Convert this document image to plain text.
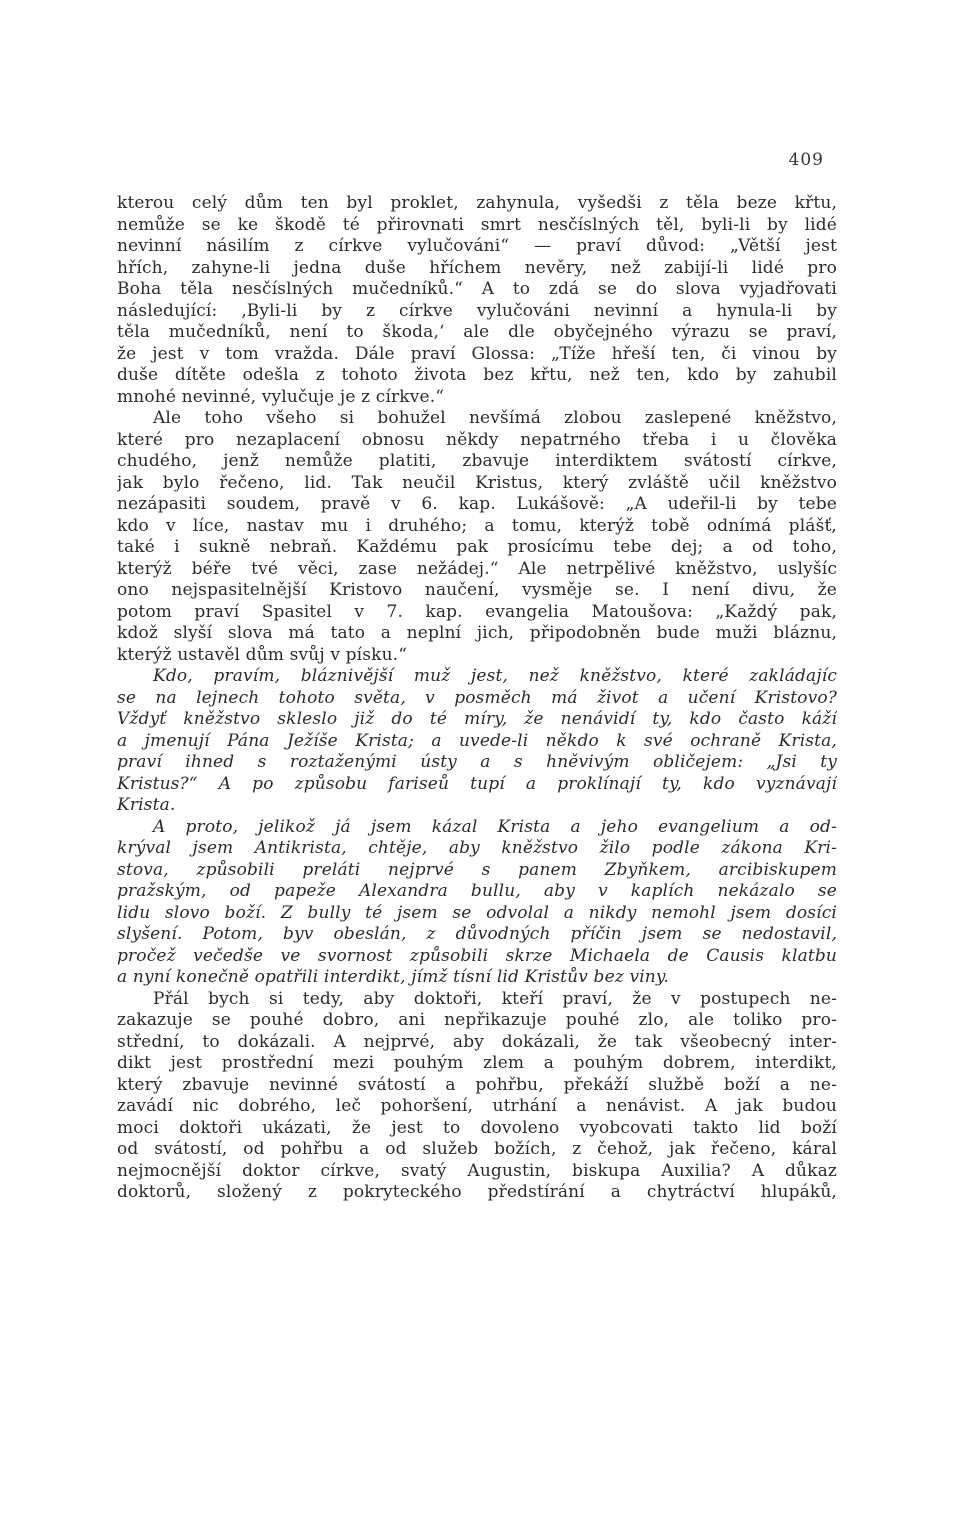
409
kterou celý dům ten byl proklet, zahynula, vyšedši z těla beze křtu,
nemůže se ke škodě té přirovnati smrt nesčíslných těl, byli-li by lidé
nevinní násilím z církve vylučováni“ — praví důvod: „Větší jest
hřích, zahyne-li jedna duše hříchem nevěry, než zabijí-li lidé pro
Boha těla nesčíslných mučedníků.“ A to zdá se do slova vyjadřovati
následující: ‚Byli-li by z církve vylučováni nevinní a hynula-li by
těla mučedníků, není to škoda,‘ ale dle obyčejného výrazu se praví,
že jest v tom vražda. Dále praví Glossa: „Tíže hřeší ten, či vinou by
duše dítěte odešla z tohoto života bez křtu, než ten, kdo by zahubil
mnohé nevinné, vylučuje je z církve.“
Ale toho všeho si bohužel nevšímá zlobou zaslepené kněžstvo,
které pro nezaplacení obnosu někdy nepatrného třeba i u člověka
chudého, jenž nemůže platiti, zbavuje interdiktem svátostí církve,
jak bylo řečeno, lid. Tak neučil Kristus, který zvláště učil kněžstvo
nezápasiti soudem, pravě v 6. kap. Lukášově: „A udeřil-li by tebe
kdo v líce, nastav mu i druhého; a tomu, kterýž tobě odnímá plášť,
také i sukně nebraň. Každému pak prosícímu tebe dej; a od toho,
kterýž béře tvé věci, zase nežádej.“ Ale netrpělivé kněžstvo, uslyšíc
ono nejspasitelnější Kristovo naučení, vysměje se. I není divu, že
potom praví Spasitel v 7. kap. evangelia Matoušova: „Každý pak,
kdož slyší slova má tato a neplní jich, připodobněn bude muži bláznu,
kterýž ustavěl dům svůj v písku.“
Kdo, pravím, bláznivější muž jest, než kněžstvo, které zakládajíc
se na lejnech tohoto světa, v posměch má život a učení Kristovo?
Vždyť kněžstvo skleslo již do té míry, že nenávidí ty, kdo často káží
a jmenují Pána Ježíše Krista; a uvede-li někdo k své ochraně Krista,
praví ihned s roztaženými ústy a s hněvivým obličejem: „Jsi ty
Kristus?“ A po způsobu fariseů tupí a proklínají ty, kdo vyznávají
Krista.
A proto, jelikož já jsem kázal Krista a jeho evangelium a od-
krýval jsem Antikrista, chtěje, aby kněžstvo žilo podle zákona Kri-
stova, způsobili preláti nejprvé s panem Zbyňkem, arcibiskupem
pražským, od papeže Alexandra bullu, aby v kaplích nekázalo se
lidu slovo boží. Z bully té jsem se odvolal a nikdy nemohl jsem dosíci
slyšení. Potom, byv obeslán, z důvodných příčin jsem se nedostavil,
pročež večedše ve svornost způsobili skrze Michaela de Causis klatbu
a nyní konečně opatřili interdikt, jímž tísní lid Kristův bez viny.
Přál bych si tedy, aby doktoři, kteří praví, že v postupech ne-
zakazuje se pouhé dobro, ani nepřikazuje pouhé zlo, ale toliko pro-
střední, to dokázali. A nejprvé, aby dokázali, že tak všeobecný inter-
dikt jest prostřední mezi pouhým zlem a pouhým dobrem, interdikt,
který zbavuje nevinné svátostí a pohřbu, překáží službě boží a ne-
zavádí nic dobrého, leč pohoršení, utrhání a nenávist. A jak budou
moci doktoři ukázati, že jest to dovoleno vyobcovati takto lid boží
od svátostí, od pohřbu a od služeb božích, z čehož, jak řečeno, káral
nejmocnější doktor církve, svatý Augustin, biskupa Auxilia? A důkaz
doktorů, složený z pokryteckého předstírání a chytráctví hlupáků,
